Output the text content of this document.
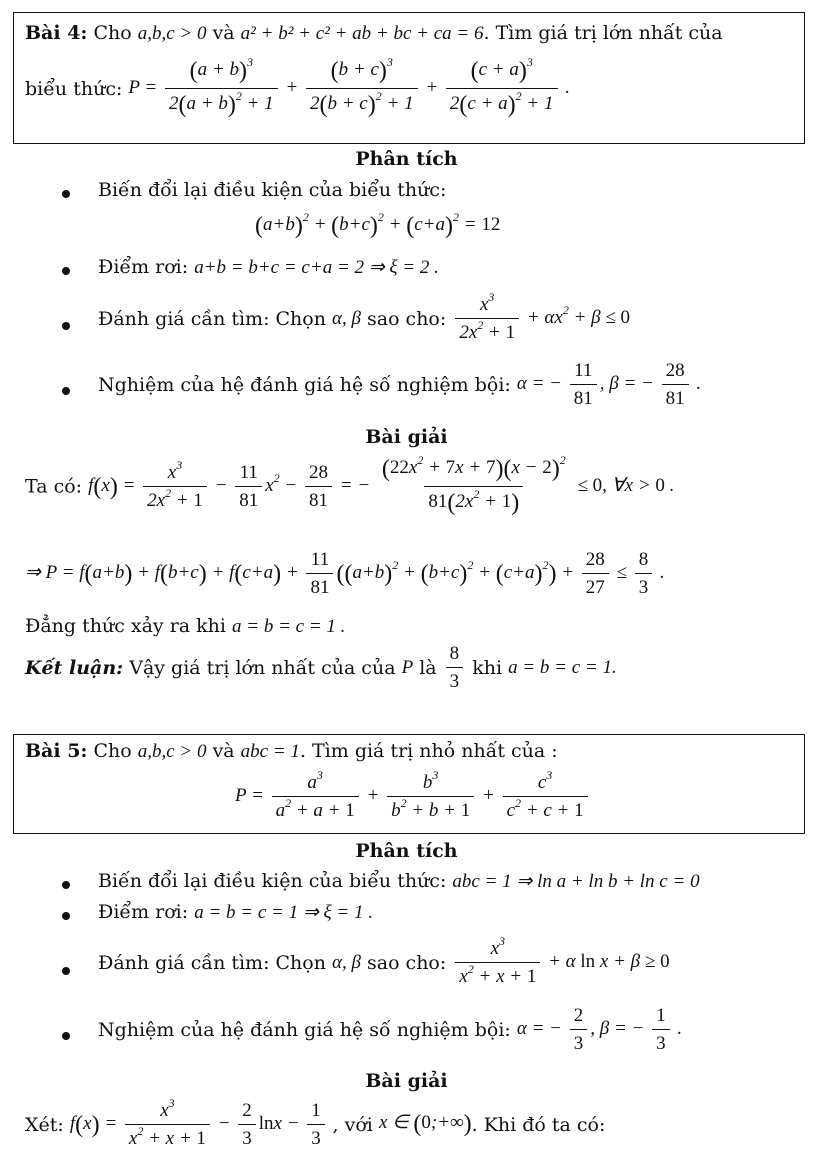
Bài 4: Cho a,b,c > 0 và a² + b² + c² + ab + bc + ca = 6. Tìm giá trị lớn nhất của
biểu thức: $P = \frac{(a + b)^3}{2(a + b)^2 + 1} + \frac{(b + c)^3}{2(b + c)^2 + 1} + \frac{(c + a)^3}{2(c + a)^2 + 1}$ .
Phân tích
Biến đổi lại điều kiện của biểu thức:
$(a+b)^2 + (b+c)^2 + (c+a)^2 = 12$
Điểm rơi: a+b = b+c = c+a = 2 ⇒ ξ = 2 .
Đánh giá cần tìm: Chọn α, β sao cho: $\frac{x^3}{2x^2 + 1} + \alpha x^2 + \beta \le 0$
Nghiệm của hệ đánh giá hệ số nghiệm bội: α = − $\frac{11}{81}$ , β = − $\frac{28}{81}$ .
Bài giải
Ta có: $f(x) = \frac{x^3}{2x^2 + 1} - \frac{11}{81} x^2 - \frac{28}{81}$ = − $\frac{(22x^2 + 7x + 7)(x - 2)^2}{81(2x^2 + 1)} \le 0$, ∀x > 0 .
⇒ $P = f(a+b) + f(b+c) + f(c+a) + \frac{11}{81} ((a+b)^2 + (b+c)^2 + (c+a)^2) + \frac{28}{27} \le \frac{8}{3}$ .
Đẳng thức xảy ra khi a = b = c = 1 .
Kết luận: Vậy giá trị lớn nhất của của P là $\frac{8}{3}$ khi a = b = c = 1.
Bài 5: Cho a,b,c > 0 và abc = 1. Tìm giá trị nhỏ nhất của :
$P = \frac{a^3}{a^2 + a + 1} + \frac{b^3}{b^2 + b + 1} + \frac{c^3}{c^2 + c + 1}$
Phân tích
Biến đổi lại điều kiện của biểu thức: abc = 1 ⇒ ln a + ln b + ln c = 0
Điểm rơi: a = b = c = 1 ⇒ ξ = 1 .
Đánh giá cần tìm: Chọn α, β sao cho: $\frac{x^3}{x^2 + x + 1} + \alpha$ ln x + β ≥ 0
Nghiệm của hệ đánh giá hệ số nghiệm bội: α = − $\frac{2}{3}$ , β = − $\frac{1}{3}$ .
Bài giải
Xét: $f(x) = \frac{x^3}{x^2 + x + 1} - \frac{2}{3}$ $\ln x - \frac{1}{3}$ , với x ∈ (0;+∞). Khi đó ta có:
